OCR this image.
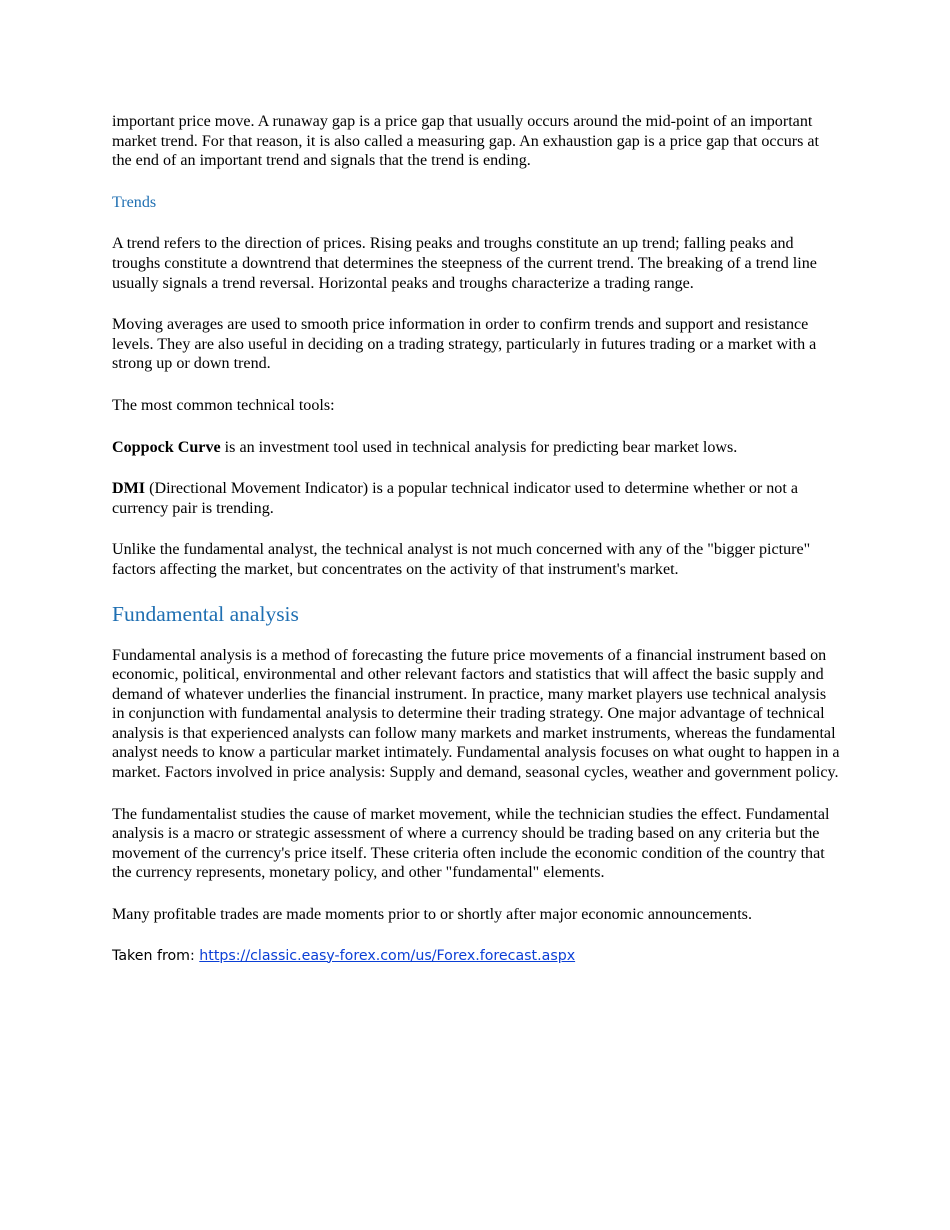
important price move. A runaway gap is a price gap that usually occurs around the mid-point of an important market trend. For that reason, it is also called a measuring gap. An exhaustion gap is a price gap that occurs at the end of an important trend and signals that the trend is ending.

Trends

A trend refers to the direction of prices. Rising peaks and troughs constitute an up trend; falling peaks and troughs constitute a downtrend that determines the steepness of the current trend. The breaking of a trend line usually signals a trend reversal. Horizontal peaks and troughs characterize a trading range.

Moving averages are used to smooth price information in order to confirm trends and support and resistance levels. They are also useful in deciding on a trading strategy, particularly in futures trading or a market with a strong up or down trend.

The most common technical tools:

Coppock Curve is an investment tool used in technical analysis for predicting bear market lows.

DMI (Directional Movement Indicator) is a popular technical indicator used to determine whether or not a currency pair is trending.

Unlike the fundamental analyst, the technical analyst is not much concerned with any of the "bigger picture" factors affecting the market, but concentrates on the activity of that instrument's market.

Fundamental analysis

Fundamental analysis is a method of forecasting the future price movements of a financial instrument based on economic, political, environmental and other relevant factors and statistics that will affect the basic supply and demand of whatever underlies the financial instrument. In practice, many market players use technical analysis in conjunction with fundamental analysis to determine their trading strategy. One major advantage of technical analysis is that experienced analysts can follow many markets and market instruments, whereas the fundamental analyst needs to know a particular market intimately. Fundamental analysis focuses on what ought to happen in a market. Factors involved in price analysis: Supply and demand, seasonal cycles, weather and government policy.

The fundamentalist studies the cause of market movement, while the technician studies the effect. Fundamental analysis is a macro or strategic assessment of where a currency should be trading based on any criteria but the movement of the currency's price itself. These criteria often include the economic condition of the country that the currency represents, monetary policy, and other "fundamental" elements.

Many profitable trades are made moments prior to or shortly after major economic announcements.

Taken from: https://classic.easy-forex.com/us/Forex.forecast.aspx
